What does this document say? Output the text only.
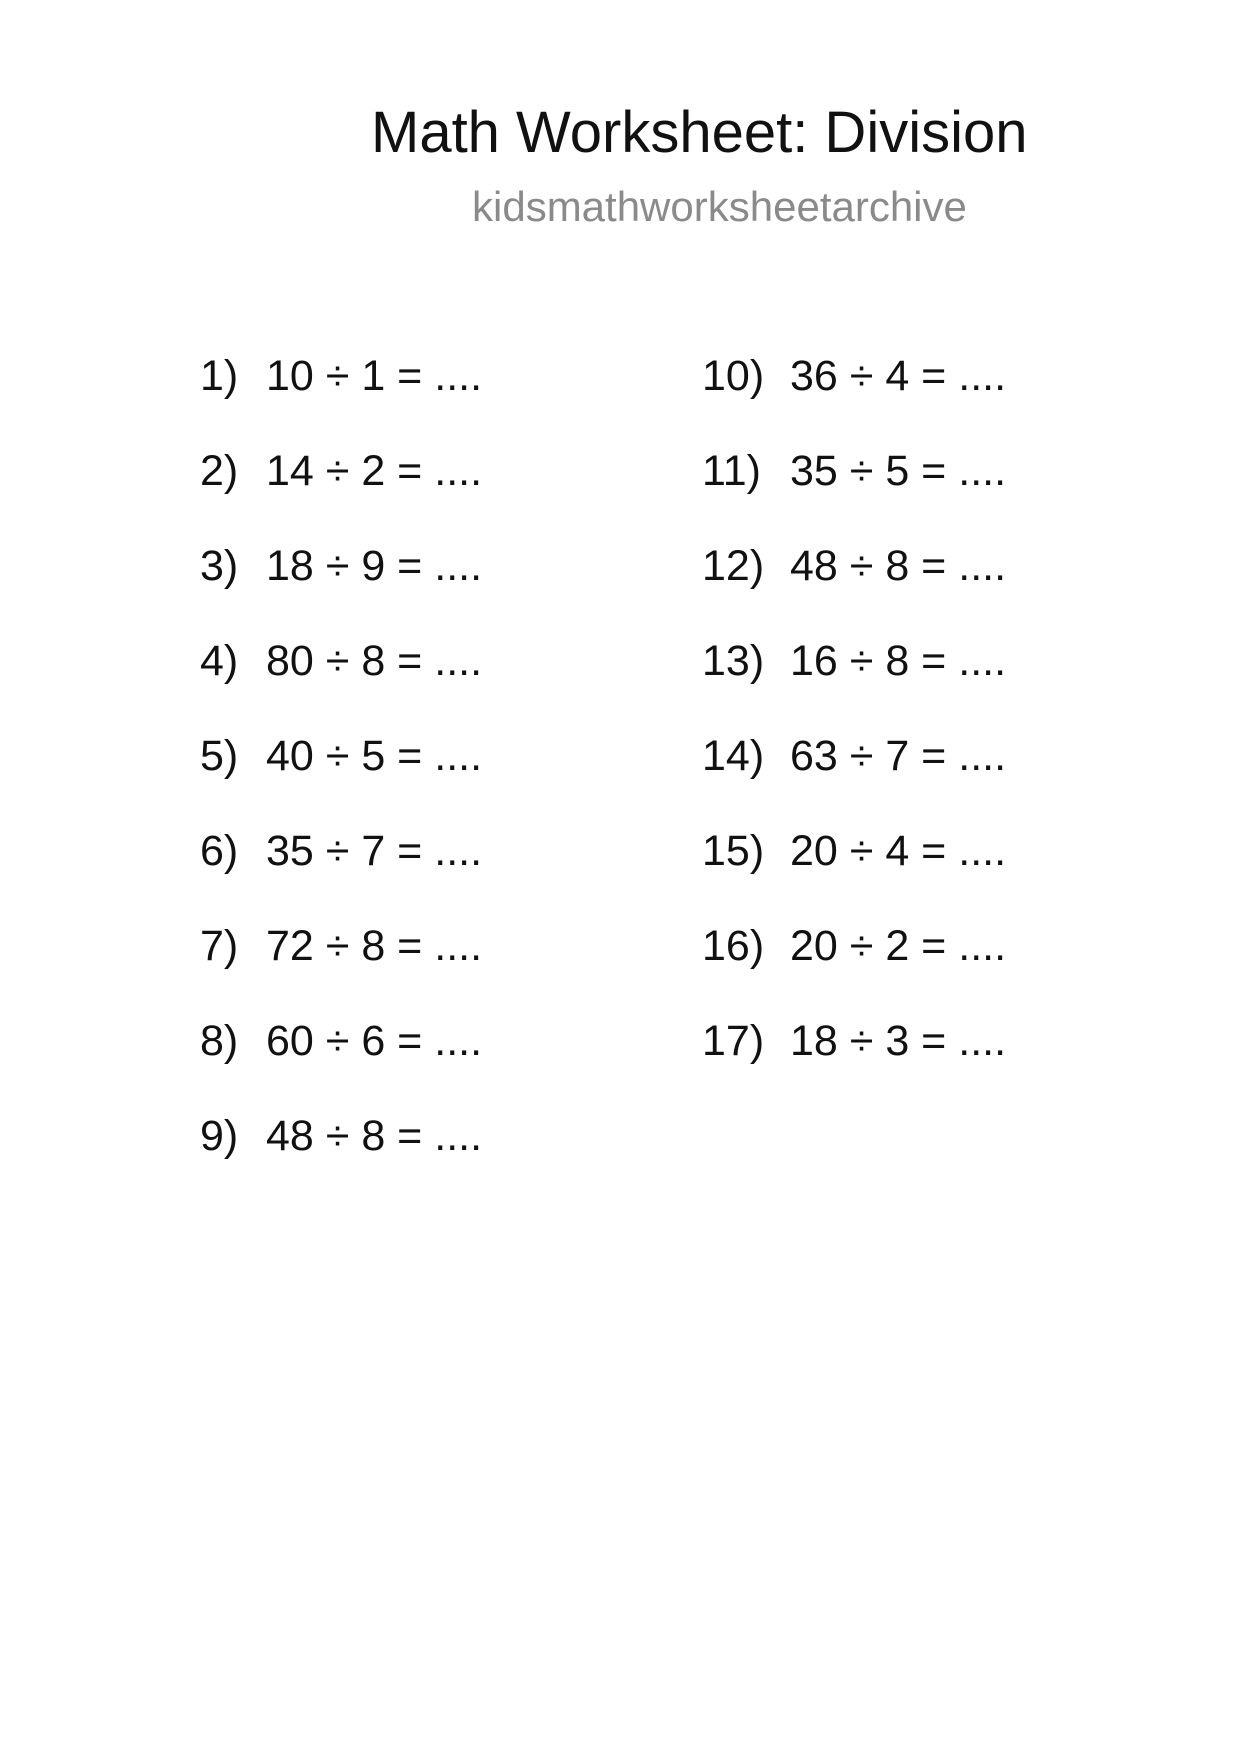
Math Worksheet: Division
kidsmathworksheetarchive
1) 10 ÷ 1 = ....
2) 14 ÷ 2 = ....
3) 18 ÷ 9 = ....
4) 80 ÷ 8 = ....
5) 40 ÷ 5 = ....
6) 35 ÷ 7 = ....
7) 72 ÷ 8 = ....
8) 60 ÷ 6 = ....
9) 48 ÷ 8 = ....
10) 36 ÷ 4 = ....
11) 35 ÷ 5 = ....
12) 48 ÷ 8 = ....
13) 16 ÷ 8 = ....
14) 63 ÷ 7 = ....
15) 20 ÷ 4 = ....
16) 20 ÷ 2 = ....
17) 18 ÷ 3 = ....
